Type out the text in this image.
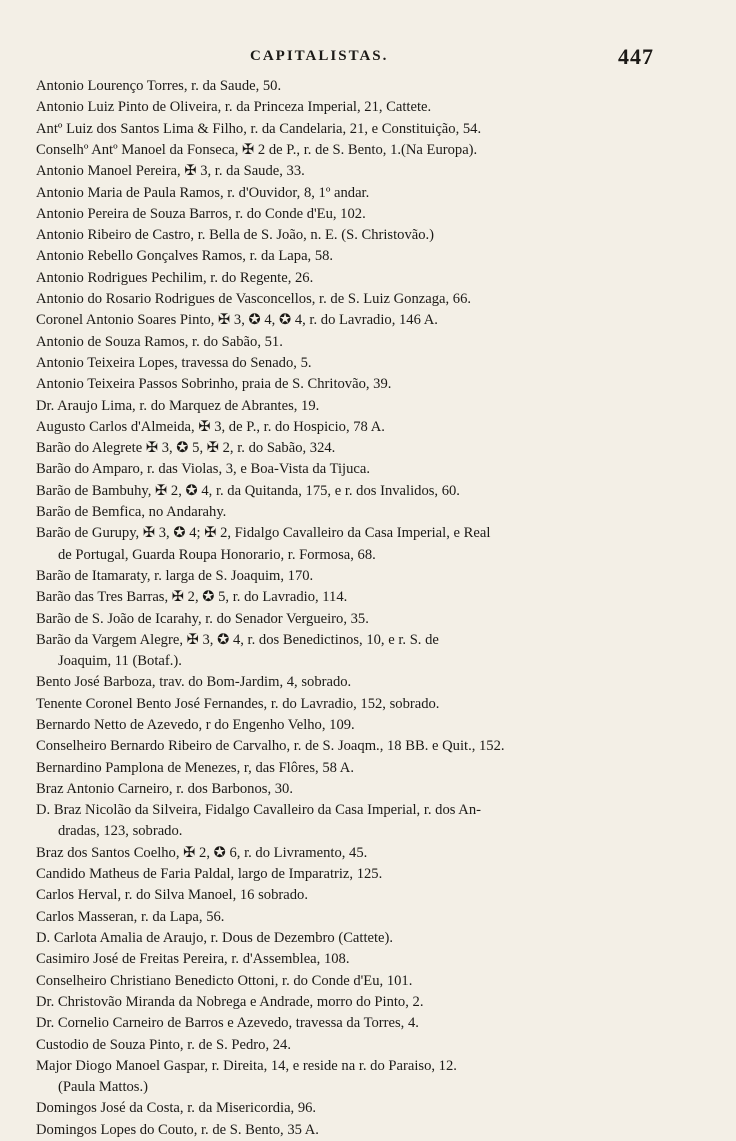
CAPITALISTAS.	447
Antonio Lourenço Torres, r. da Saude, 50.
Antonio Luiz Pinto de Oliveira, r. da Princeza Imperial, 21, Cattete.
Antº Luiz dos Santos Lima & Filho, r. da Candelaria, 21, e Constituição, 54.
Conselhº Antº Manoel da Fonseca, ✠ 2 de P., r. de S. Bento, 1.(Na Europa).
Antonio Manoel Pereira, ✠ 3, r. da Saude, 33.
Antonio Maria de Paula Ramos, r. d'Ouvidor, 8, 1º andar.
Antonio Pereira de Souza Barros, r. do Conde d'Eu, 102.
Antonio Ribeiro de Castro, r. Bella de S. João, n. E. (S. Christovão.)
Antonio Rebello Gonçalves Ramos, r. da Lapa, 58.
Antonio Rodrigues Pechilim, r. do Regente, 26.
Antonio do Rosario Rodrigues de Vasconcellos, r. de S. Luiz Gonzaga, 66.
Coronel Antonio Soares Pinto, ✠ 3, ✪ 4, ✪ 4, r. do Lavradio, 146 A.
Antonio de Souza Ramos, r. do Sabão, 51.
Antonio Teixeira Lopes, travessa do Senado, 5.
Antonio Teixeira Passos Sobrinho, praia de S. Chritovão, 39.
Dr. Araujo Lima, r. do Marquez de Abrantes, 19.
Augusto Carlos d'Almeida, ✠ 3, de P., r. do Hospicio, 78 A.
Barão do Alegrete ✠ 3, ✪ 5, ✠ 2, r. do Sabão, 324.
Barão do Amparo, r. das Violas, 3, e Boa-Vista da Tijuca.
Barão de Bambuhy, ✠ 2, ✪ 4, r. da Quitanda, 175, e r. dos Invalidos, 60.
Barão de Bemfica, no Andarahy.
Barão de Gurupy, ✠ 3, ✪ 4; ✠ 2, Fidalgo Cavalleiro da Casa Imperial, e Real
de Portugal, Guarda Roupa Honorario, r. Formosa, 68.
Barão de Itamaraty, r. larga de S. Joaquim, 170.
Barão das Tres Barras, ✠ 2, ✪ 5, r. do Lavradio, 114.
Barão de S. João de Icarahy, r. do Senador Vergueiro, 35.
Barão da Vargem Alegre, ✠ 3, ✪ 4, r. dos Benedictinos, 10, e r. S. de
Joaquim, 11 (Botaf.).
Bento José Barboza, trav. do Bom-Jardim, 4, sobrado.
Tenente Coronel Bento José Fernandes, r. do Lavradio, 152, sobrado.
Bernardo Netto de Azevedo, r do Engenho Velho, 109.
Conselheiro Bernardo Ribeiro de Carvalho, r. de S. Joaqm., 18 BB. e Quit., 152.
Bernardino Pamplona de Menezes, r, das Flôres, 58 A.
Braz Antonio Carneiro, r. dos Barbonos, 30.
D. Braz Nicolão da Silveira, Fidalgo Cavalleiro da Casa Imperial, r. dos An-
dradas, 123, sobrado.
Braz dos Santos Coelho, ✠ 2, ✪ 6, r. do Livramento, 45.
Candido Matheus de Faria Paldal, largo de Imparatriz, 125.
Carlos Herval, r. do Silva Manoel, 16 sobrado.
Carlos Masseran, r. da Lapa, 56.
D. Carlota Amalia de Araujo, r. Dous de Dezembro (Cattete).
Casimiro José de Freitas Pereira, r. d'Assemblea, 108.
Conselheiro Christiano Benedicto Ottoni, r. do Conde d'Eu, 101.
Dr. Christovão Miranda da Nobrega e Andrade, morro do Pinto, 2.
Dr. Cornelio Carneiro de Barros e Azevedo, travessa da Torres, 4.
Custodio de Souza Pinto, r. de S. Pedro, 24.
Major Diogo Manoel Gaspar, r. Direita, 14, e reside na r. do Paraiso, 12.
(Paula Mattos.)
Domingos José da Costa, r. da Misericordia, 96.
Domingos Lopes do Couto, r. de S. Bento, 35 A.
